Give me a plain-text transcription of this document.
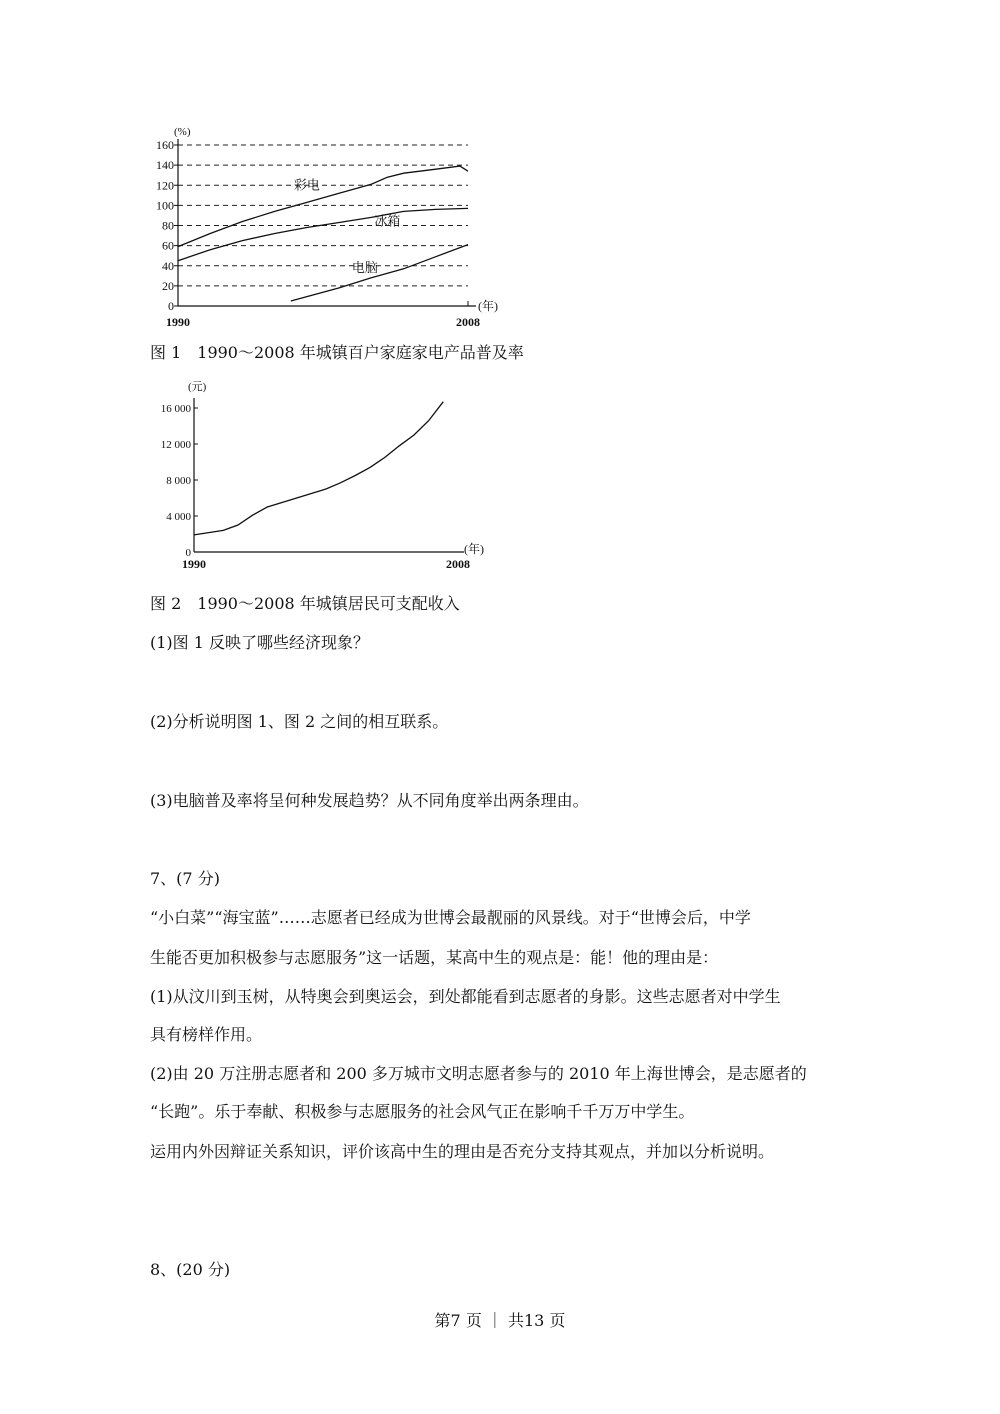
160
140
120
100
80
60
40
20
0
(%)
(年)
1990	2008
彩电
冰箱
电脑
图 1　1990～2008 年城镇百户家庭家电产品普及率
16 000
12 000
8 000
4 000
0
(元)
(年)
1990	2008
图 2　1990～2008 年城镇居民可支配收入
(1)图 1 反映了哪些经济现象？
(2)分析说明图 1、图 2 之间的相互联系。
(3)电脑普及率将呈何种发展趋势？从不同角度举出两条理由。
7、(7 分)
“小白菜”“海宝蓝”……志愿者已经成为世博会最靓丽的风景线。对于“世博会后，中学
生能否更加积极参与志愿服务”这一话题，某高中生的观点是：能！他的理由是：
(1)从汶川到玉树，从特奥会到奥运会，到处都能看到志愿者的身影。这些志愿者对中学生
具有榜样作用。
(2)由 20 万注册志愿者和 200 多万城市文明志愿者参与的 2010 年上海世博会，是志愿者的
“长跑”。乐于奉献、积极参与志愿服务的社会风气正在影响千千万万中学生。
运用内外因辩证关系知识，评价该高中生的理由是否充分支持其观点，并加以分析说明。
8、(20 分)
第7 页 ｜ 共13 页
